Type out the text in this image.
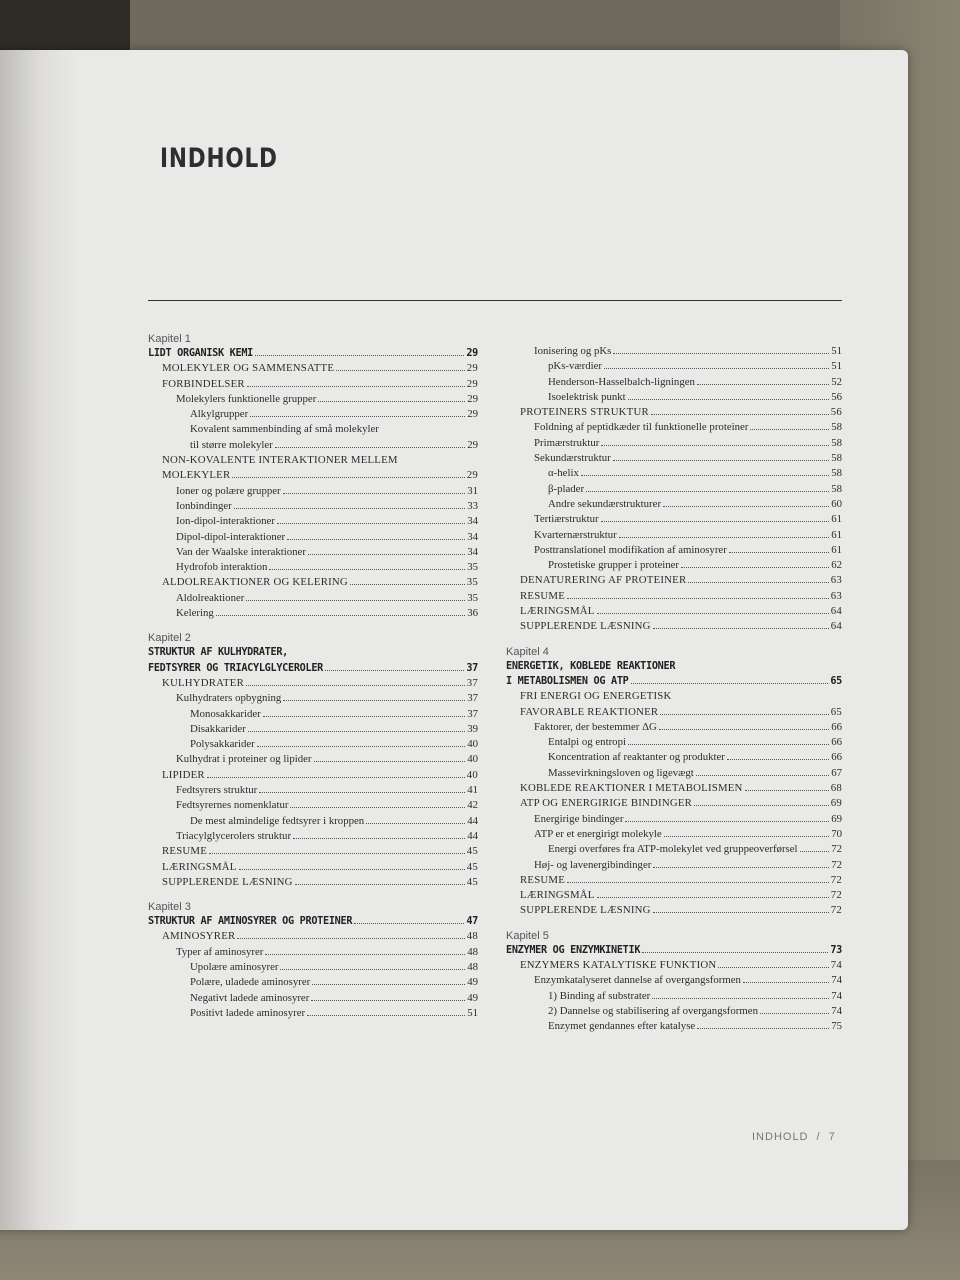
INDHOLD
Kapitel 1
LIDT ORGANISK KEMI	29
MOLEKYLER OG SAMMENSATTE	29
FORBINDELSER	29
Molekylers funktionelle grupper	29
Alkylgrupper	29
Kovalent sammenbinding af små molekyler
til større molekyler	29
NON-KOVALENTE INTERAKTIONER MELLEM
MOLEKYLER	29
Ioner og polære grupper	31
Ionbindinger	33
Ion-dipol-interaktioner	34
Dipol-dipol-interaktioner	34
Van der Waalske interaktioner	34
Hydrofob interaktion	35
ALDOLREAKTIONER OG KELERING	35
Aldolreaktioner	35
Kelering	36
Kapitel 2
STRUKTUR AF KULHYDRATER,
FEDTSYRER OG TRIACYLGLYCEROLER	37
KULHYDRATER	37
Kulhydraters opbygning	37
Monosakkarider	37
Disakkarider	39
Polysakkarider	40
Kulhydrat i proteiner og lipider	40
LIPIDER	40
Fedtsyrers struktur	41
Fedtsyrernes nomenklatur	42
De mest almindelige fedtsyrer i kroppen	44
Triacylglycerolers struktur	44
RESUME	45
LÆRINGSMÅL	45
SUPPLERENDE LÆSNING	45
Kapitel 3
STRUKTUR AF AMINOSYRER OG PROTEINER	47
AMINOSYRER	48
Typer af aminosyrer	48
Upolære aminosyrer	48
Polære, uladede aminosyrer	49
Negativt ladede aminosyrer	49
Positivt ladede aminosyrer	51
Ionisering og pKs	51
pKs-værdier	51
Henderson-Hasselbalch-ligningen	52
Isoelektrisk punkt	56
PROTEINERS STRUKTUR	56
Foldning af peptidkæder til funktionelle proteiner	58
Primærstruktur	58
Sekundærstruktur	58
α-helix	58
β-plader	58
Andre sekundærstrukturer	60
Tertiærstruktur	61
Kvarternærstruktur	61
Posttranslationel modifikation af aminosyrer	61
Prostetiske grupper i proteiner	62
DENATURERING AF PROTEINER	63
RESUME	63
LÆRINGSMÅL	64
SUPPLERENDE LÆSNING	64
Kapitel 4
ENERGETIK, KOBLEDE REAKTIONER
I METABOLISMEN OG ATP	65
FRI ENERGI OG ENERGETISK
FAVORABLE REAKTIONER	65
Faktorer, der bestemmer ΔG	66
Entalpi og entropi	66
Koncentration af reaktanter og produkter	66
Massevirkningsloven og ligevægt	67
KOBLEDE REAKTIONER I METABOLISMEN	68
ATP OG ENERGIRIGE BINDINGER	69
Energirige bindinger	69
ATP er et energirigt molekyle	70
Energi overføres fra ATP-molekylet ved gruppeoverførsel	72
Høj- og lavenergibindinger	72
RESUME	72
LÆRINGSMÅL	72
SUPPLERENDE LÆSNING	72
Kapitel 5
ENZYMER OG ENZYMKINETIK	73
ENZYMERS KATALYTISKE FUNKTION	74
Enzymkatalyseret dannelse af overgangsformen	74
1) Binding af substrater	74
2) Dannelse og stabilisering af overgangsformen	74
Enzymet gendannes efter katalyse	75
INDHOLD / 7
